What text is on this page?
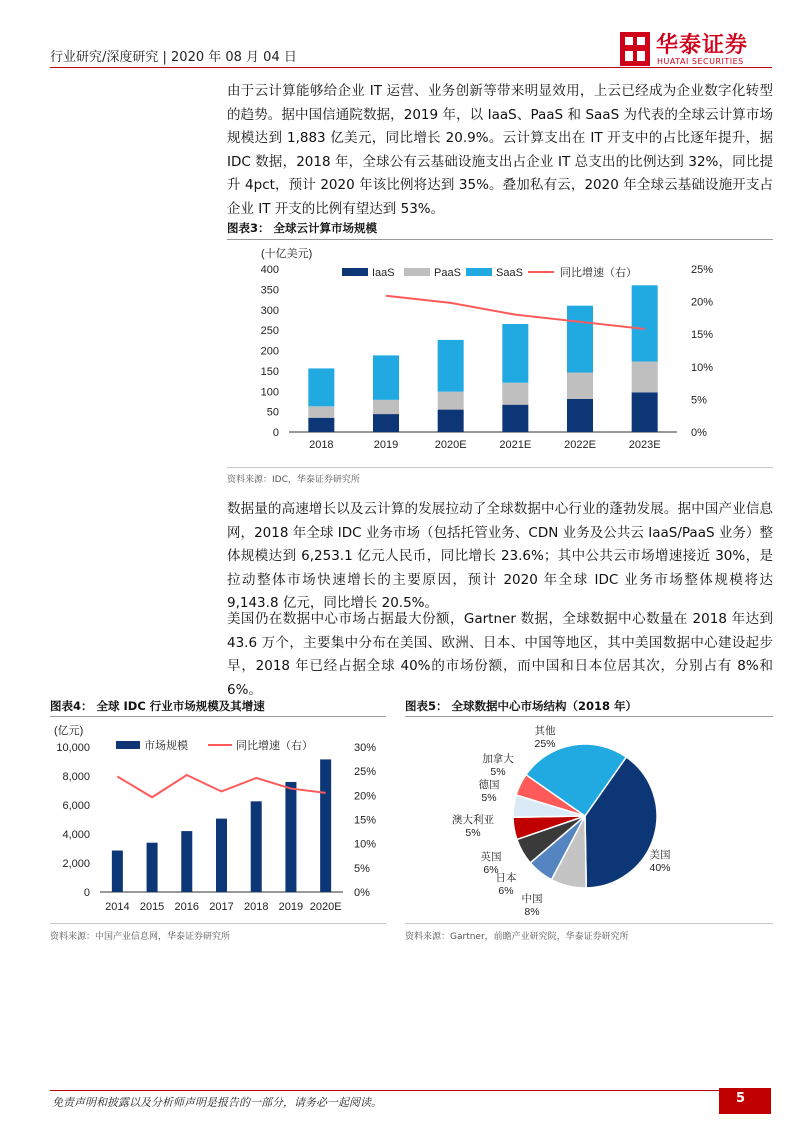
行业研究/深度研究 | 2020 年 08 月 04 日	华泰证券
HUATAI SECURITIES
由于云计算能够给企业 IT 运营、业务创新等带来明显效用，上云已经成为企业数字化转型的趋势。据中国信通院数据，2019 年，以 IaaS、PaaS 和 SaaS 为代表的全球云计算市场规模达到 1,883 亿美元，同比增长 20.9%。云计算支出在 IT 开支中的占比逐年提升，据 IDC 数据，2018 年，全球公有云基础设施支出占企业 IT 总支出的比例达到 32%，同比提升 4pct，预计 2020 年该比例将达到 35%。叠加私有云，2020 年全球云基础设施开支占企业 IT 开支的比例有望达到 53%。
图表3： 全球云计算市场规模
(十亿美元)
0
50
100
150
200
250
300
350
400
0%
5%
10%
15%
20%
25%
2018	2019	2020E	2021E	2022E	2023E
IaaS	PaaS	SaaS	同比增速（右）
资料来源：IDC，华泰证券研究所
数据量的高速增长以及云计算的发展拉动了全球数据中心行业的蓬勃发展。据中国产业信息网，2018 年全球 IDC 业务市场（包括托管业务、CDN 业务及公共云 IaaS/PaaS 业务）整体规模达到 6,253.1 亿元人民币，同比增长 23.6%；其中公共云市场增速接近 30%，是拉动整体市场快速增长的主要原因，预计 2020 年全球 IDC 业务市场整体规模将达 9,143.8 亿元，同比增长 20.5%。
美国仍在数据中心市场占据最大份额，Gartner 数据，全球数据中心数量在 2018 年达到 43.6 万个，主要集中分布在美国、欧洲、日本、中国等地区，其中美国数据中心建设起步早，2018 年已经占据全球 40%的市场份额，而中国和日本位居其次，分别占有 8%和 6%。
图表4： 全球 IDC 行业市场规模及其增速
(亿元)
0
2,000
4,000
6,000
8,000
10,000
0%
5%
10%
15%
20%
25%
30%
2014 2015 2016 2017 2018 2019 2020E
市场规模	同比增速（右）
资料来源：中国产业信息网，华泰证券研究所
图表5： 全球数据中心市场结构（2018 年）
美国
40%
中国
8%
日本
6%
英国
6%
澳大利亚
5%
德国
5%
加拿大
5%
其他
25%
资料来源：Gartner，前瞻产业研究院，华泰证券研究所
免责声明和披露以及分析师声明是报告的一部分，请务必一起阅读。	5
